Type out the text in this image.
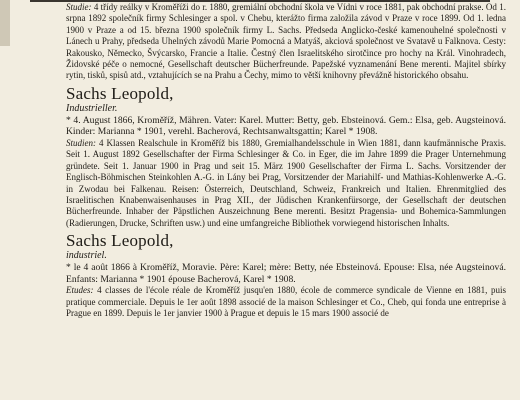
Studie: 4 třídy reálky v Kroměříži do r. 1880, gremiální obchodní škola ve Vídni v roce 1881, pak obchodní prakse. Od 1. srpna 1892 společník firmy Schlesinger a spol. v Chebu, kterážto firma založila závod v Praze v roce 1899. Od 1. ledna 1900 v Praze a od 15. března 1900 společník firmy L. Sachs. Předseda Anglicko-české kamenouhelné společnosti v Lánech u Prahy, předseda Uhelných závodů Marie Pomocná a Matyáš, akciová společnost ve Svatavě u Falknova. Cesty: Rakousko, Německo, Švýcarsko, Francie a Italie. Čestný člen Israelitského sirotčince pro hochy na Král. Vinohradech, Židovské péče o nemocné, Gesellschaft deutscher Bücherfreunde. Papežské vyznamenání Bene merenti. Majitel sbírky rytin, tisků, spisů atd., vztahujících se na Prahu a Čechy, mimo to větší knihovny převážně historického obsahu.

Sachs Leopold,

Industrieller.

* 4. August 1866, Kroměříž, Mähren. Vater: Karel. Mutter: Betty, geb. Ebsteinová. Gem.: Elsa, geb. Augsteinová. Kinder: Marianna * 1901, verehl. Bacherová, Rechtsanwaltsgattin; Karel * 1908.

Studien: 4 Klassen Realschule in Kroměříž bis 1880, Gremialhandelsschule in Wien 1881, dann kaufmännische Praxis. Seit 1. August 1892 Gesellschafter der Firma Schlesinger & Co. in Eger, die im Jahre 1899 die Prager Unternehmung gründete. Seit 1. Januar 1900 in Prag und seit 15. März 1900 Gesellschafter der Firma L. Sachs. Vorsitzender der Englisch-Böhmischen Steinkohlen A.-G. in Lány bei Prag, Vorsitzender der Mariahilf- und Mathias-Kohlenwerke A.-G. in Zwodau bei Falkenau. Reisen: Österreich, Deutschland, Schweiz, Frankreich und Italien. Ehrenmitglied des Israelitischen Knabenwaisenhauses in Prag XII., der Jüdischen Krankenfürsorge, der Gesellschaft der deutschen Bücherfreunde. Inhaber der Päpstlichen Auszeichnung Bene merenti. Besitzt Pragensia- und Bohemica-Sammlungen (Radierungen, Drucke, Schriften usw.) und eine umfangreiche Bibliothek vorwiegend historischen Inhalts.

Sachs Leopold,

industriel.

* le 4 août 1866 à Kroměříž, Moravie. Père: Karel; mère: Betty, née Ebsteinová. Epouse: Elsa, née Augsteinová. Enfants: Marianna * 1901 épouse Bacherová, Karel * 1908.

Etudes: 4 classes de l'école réale de Kroměříž jusqu'en 1880, école de commerce syndicale de Vienne en 1881, puis pratique commerciale. Depuis le 1er août 1898 associé de la maison Schlesinger et Co., Cheb, qui fonda une entreprise à Prague en 1899. Depuis le 1er janvier 1900 à Prague et depuis le 15 mars 1900 associé de
